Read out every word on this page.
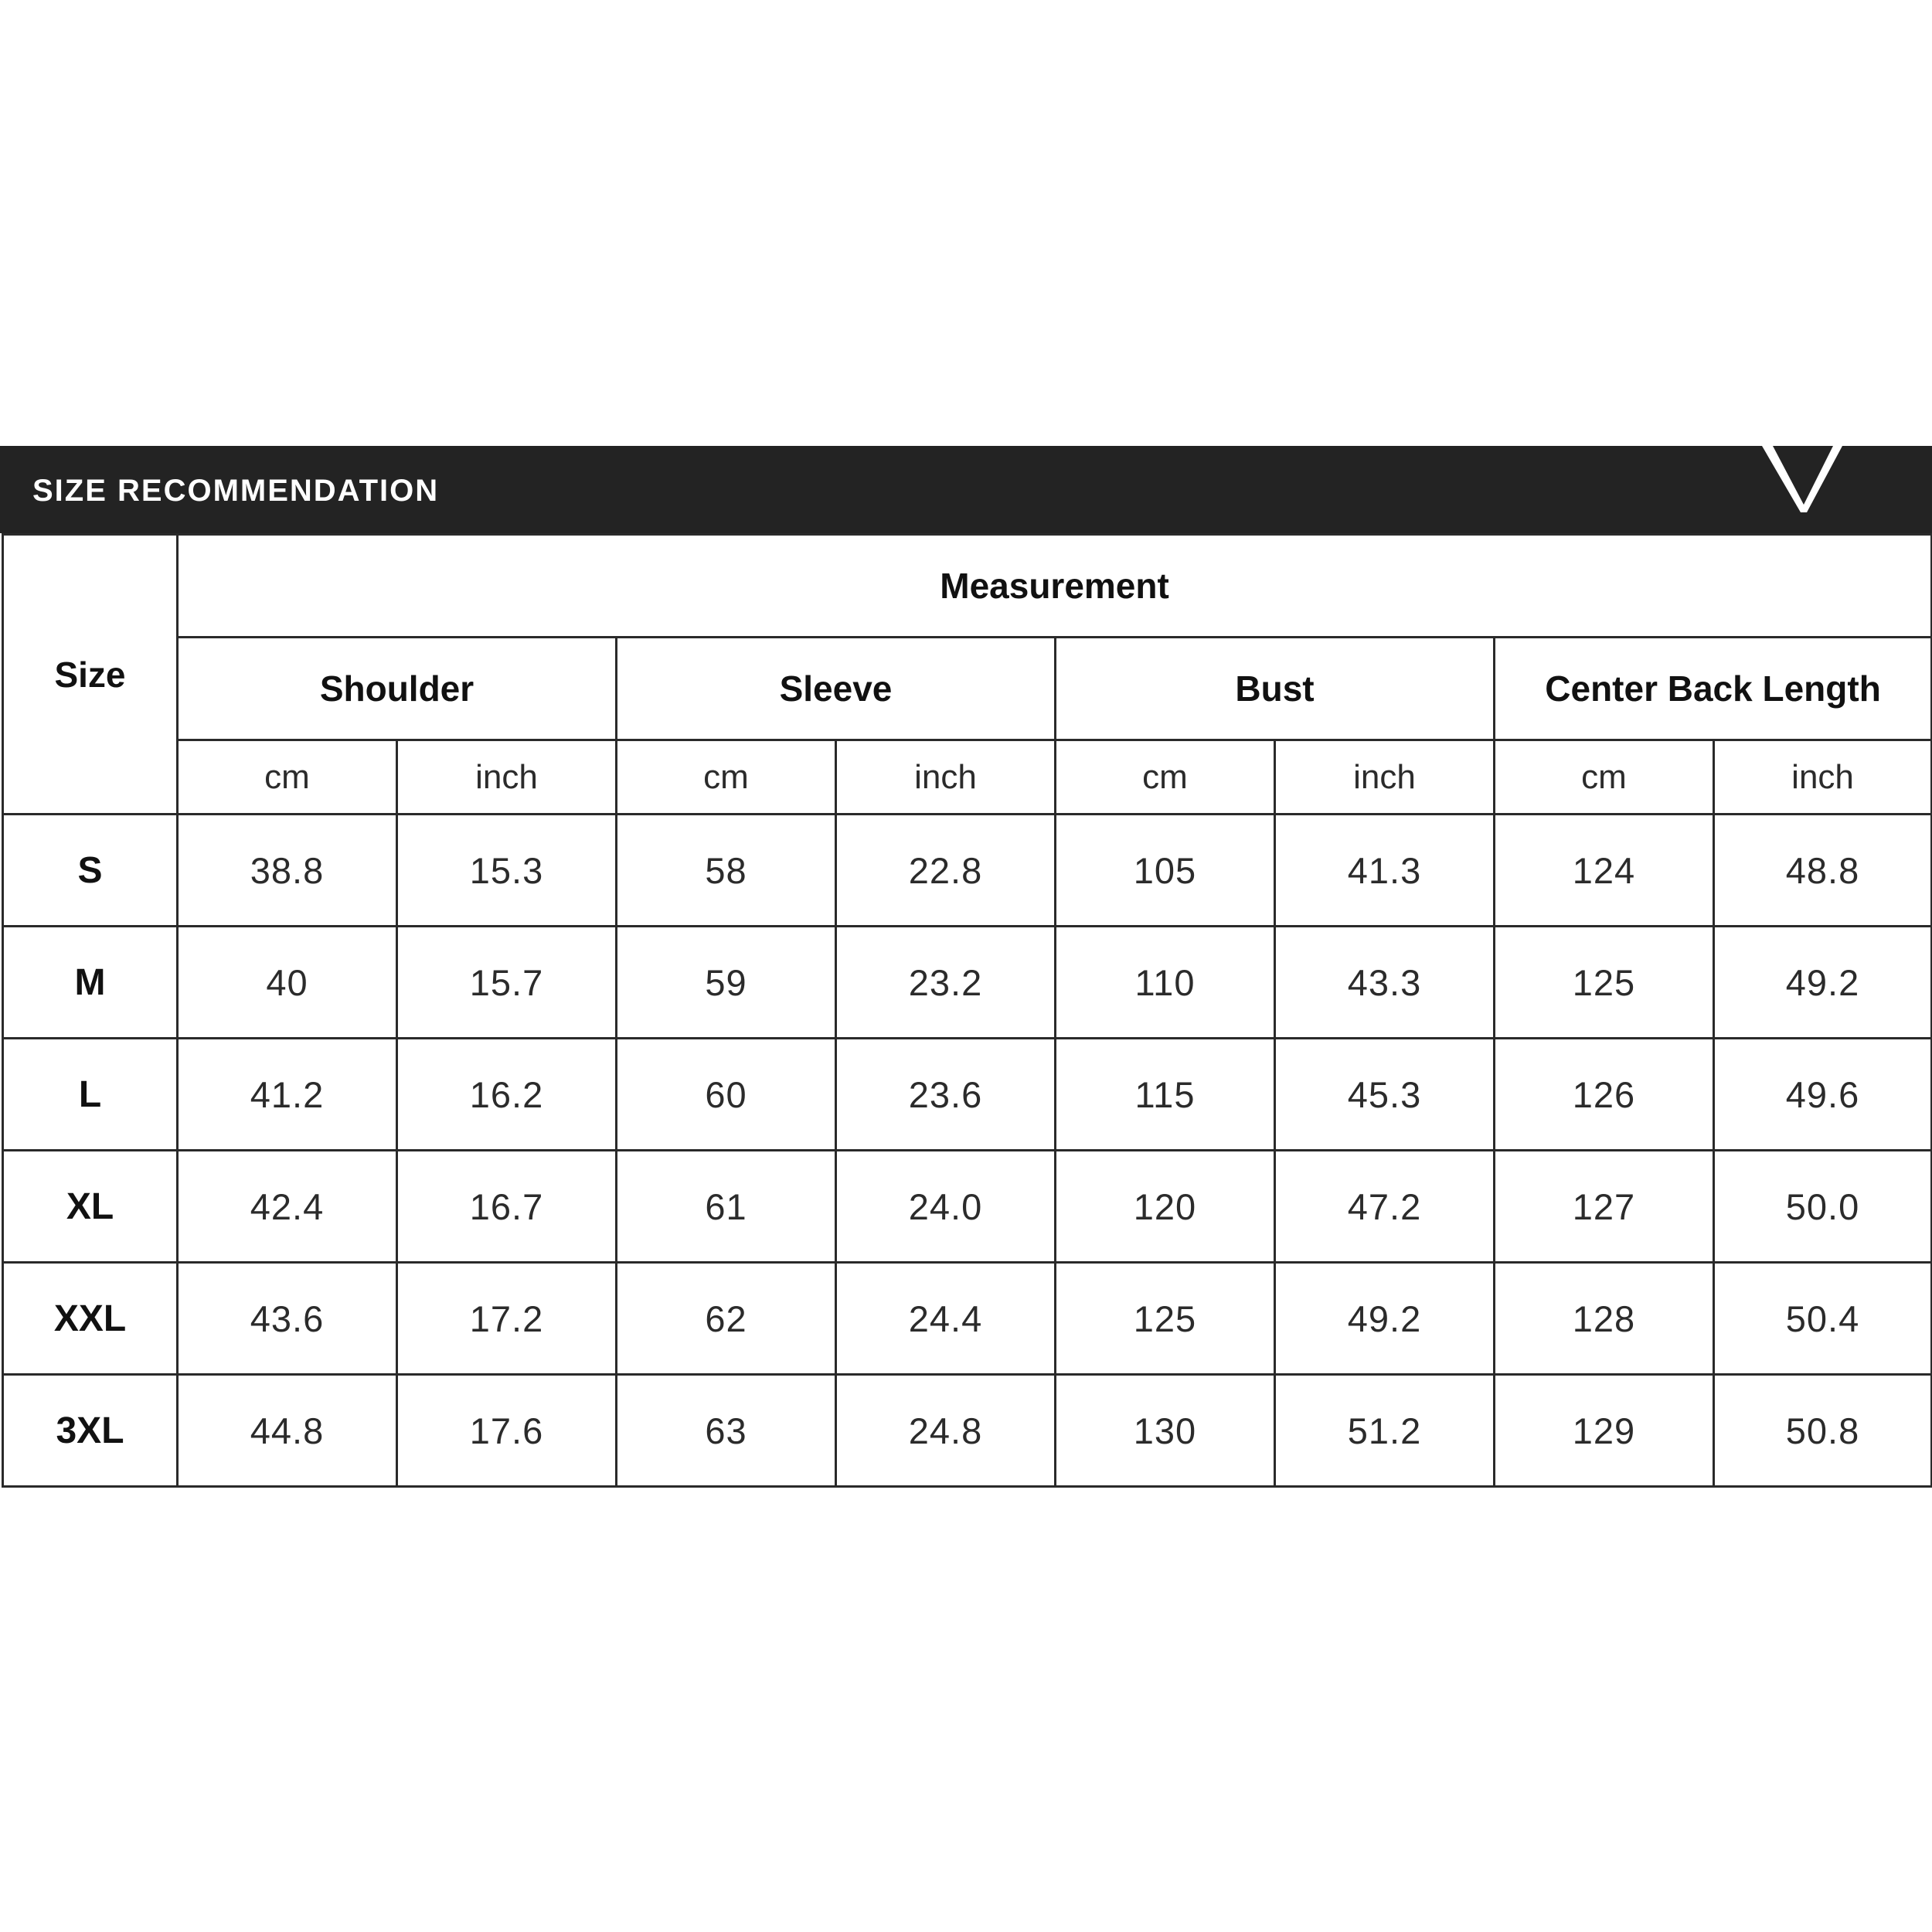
SIZE RECOMMENDATION
Size	Measurement							
	Shoulder		Sleeve		Bust		Center Back Length	
	cm	inch	cm	inch	cm	inch	cm	inch
S	38.8	15.3	58	22.8	105	41.3	124	48.8
M	40	15.7	59	23.2	110	43.3	125	49.2
L	41.2	16.2	60	23.6	115	45.3	126	49.6
XL	42.4	16.7	61	24.0	120	47.2	127	50.0
XXL	43.6	17.2	62	24.4	125	49.2	128	50.4
3XL	44.8	17.6	63	24.8	130	51.2	129	50.8
